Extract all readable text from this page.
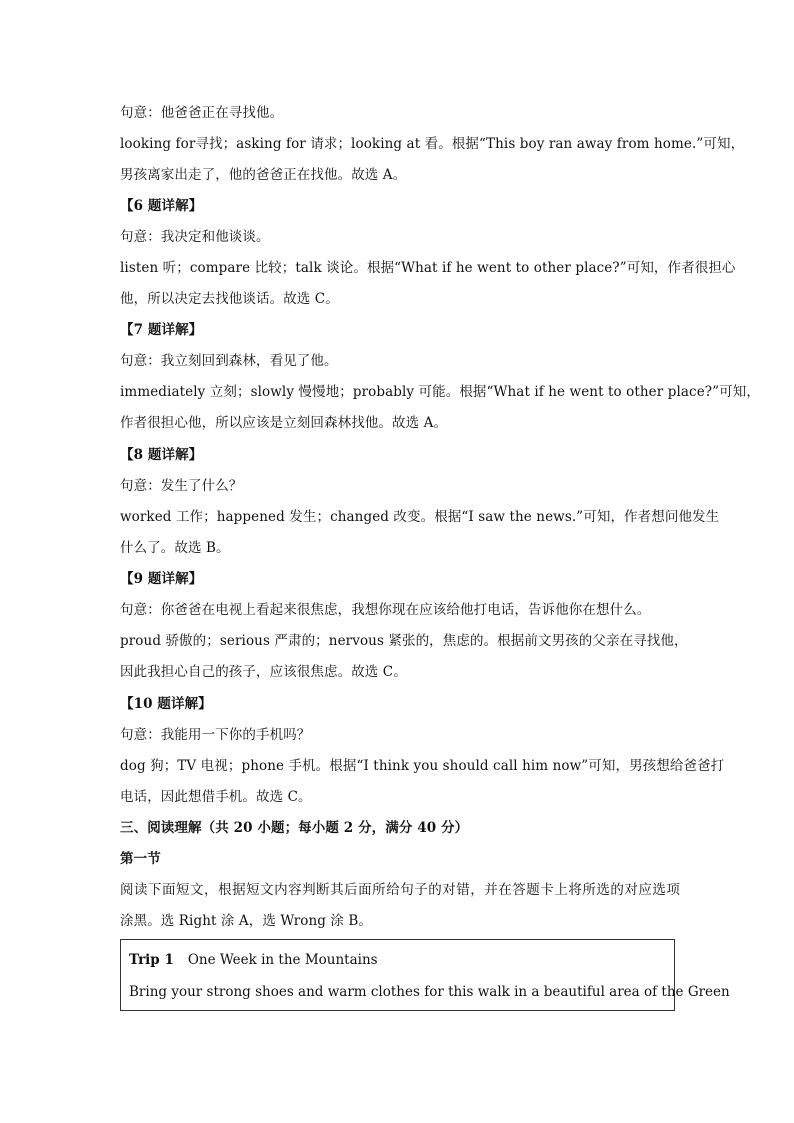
句意：他爸爸正在寻找他。
looking for寻找；asking for 请求；looking at 看。根据“This boy ran away from home.”可知，
男孩离家出走了，他的爸爸正在找他。故选 A。
【6 题详解】
句意：我决定和他谈谈。
listen 听；compare 比较；talk 谈论。根据“What if he went to other place?”可知，作者很担心
他，所以决定去找他谈话。故选 C。
【7 题详解】
句意：我立刻回到森林，看见了他。
immediately 立刻；slowly 慢慢地；probably 可能。根据“What if he went to other place?”可知，
作者很担心他，所以应该是立刻回森林找他。故选 A。
【8 题详解】
句意：发生了什么？
worked 工作；happened 发生；changed 改变。根据“I saw the news.”可知，作者想问他发生
什么了。故选 B。
【9 题详解】
句意：你爸爸在电视上看起来很焦虑，我想你现在应该给他打电话，告诉他你在想什么。
proud 骄傲的；serious 严肃的；nervous 紧张的，焦虑的。根据前文男孩的父亲在寻找他，
因此我担心自己的孩子，应该很焦虑。故选 C。
【10 题详解】
句意：我能用一下你的手机吗？
dog 狗；TV 电视；phone 手机。根据“I think you should call him now”可知，男孩想给爸爸打
电话，因此想借手机。故选 C。
三、阅读理解（共 20 小题；每小题 2 分，满分 40 分）
第一节
阅读下面短文，根据短文内容判断其后面所给句子的对错，并在答题卡上将所选的对应选项
涂黑。选 Right 涂 A，选 Wrong 涂 B。
Trip 1 One Week in the Mountains
Bring your strong shoes and warm clothes for this walk in a beautiful area of the Green
